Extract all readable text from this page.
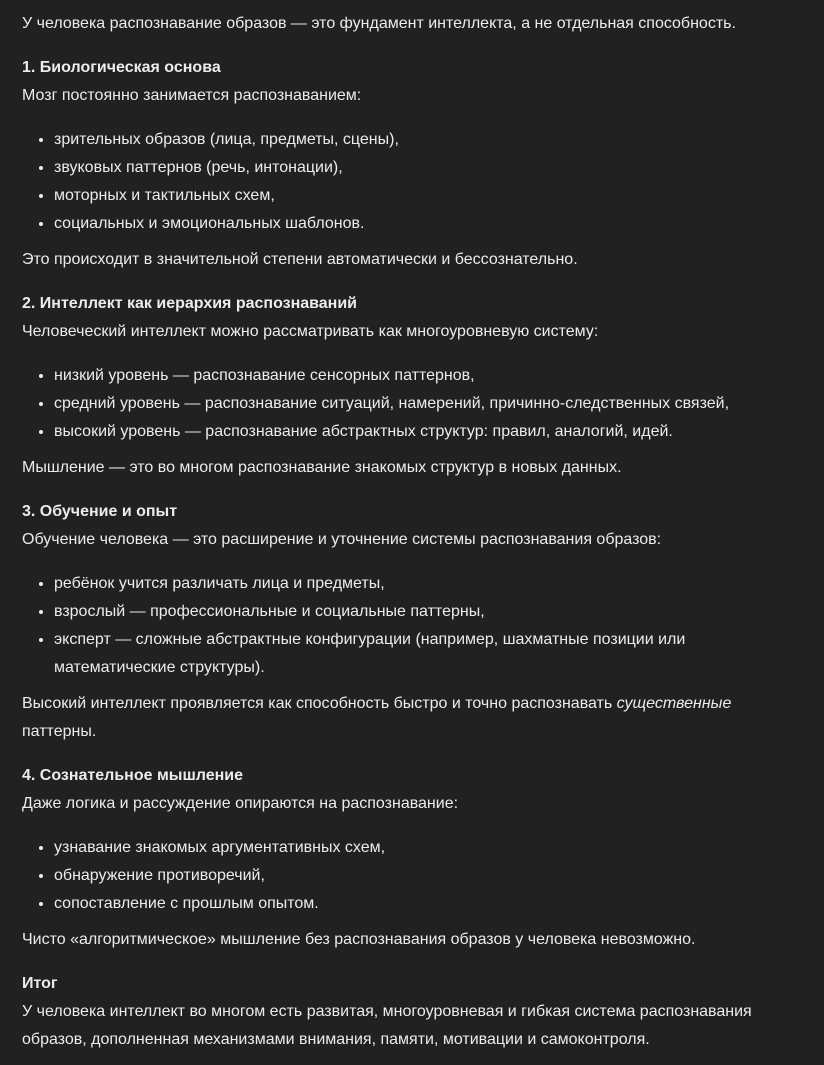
У человека распознавание образов — это фундамент интеллекта, а не отдельная способность.

1. Биологическая основа

Мозг постоянно занимается распознаванием:

• зрительных образов (лица, предметы, сцены),
• звуковых паттернов (речь, интонации),
• моторных и тактильных схем,
• социальных и эмоциональных шаблонов.

Это происходит в значительной степени автоматически и бессознательно.

2. Интеллект как иерархия распознаваний

Человеческий интеллект можно рассматривать как многоуровневую систему:

• низкий уровень — распознавание сенсорных паттернов,
• средний уровень — распознавание ситуаций, намерений, причинно-следственных связей,
• высокий уровень — распознавание абстрактных структур: правил, аналогий, идей.

Мышление — это во многом распознавание знакомых структур в новых данных.

3. Обучение и опыт

Обучение человека — это расширение и уточнение системы распознавания образов:

• ребёнок учится различать лица и предметы,
• взрослый — профессиональные и социальные паттерны,
• эксперт — сложные абстрактные конфигурации (например, шахматные позиции или математические структуры).

Высокий интеллект проявляется как способность быстро и точно распознавать существенные паттерны.

4. Сознательное мышление

Даже логика и рассуждение опираются на распознавание:

• узнавание знакомых аргументативных схем,
• обнаружение противоречий,
• сопоставление с прошлым опытом.

Чисто «алгоритмическое» мышление без распознавания образов у человека невозможно.

Итог

У человека интеллект во многом есть развитая, многоуровневая и гибкая система распознавания образов, дополненная механизмами внимания, памяти, мотивации и самоконтроля.
